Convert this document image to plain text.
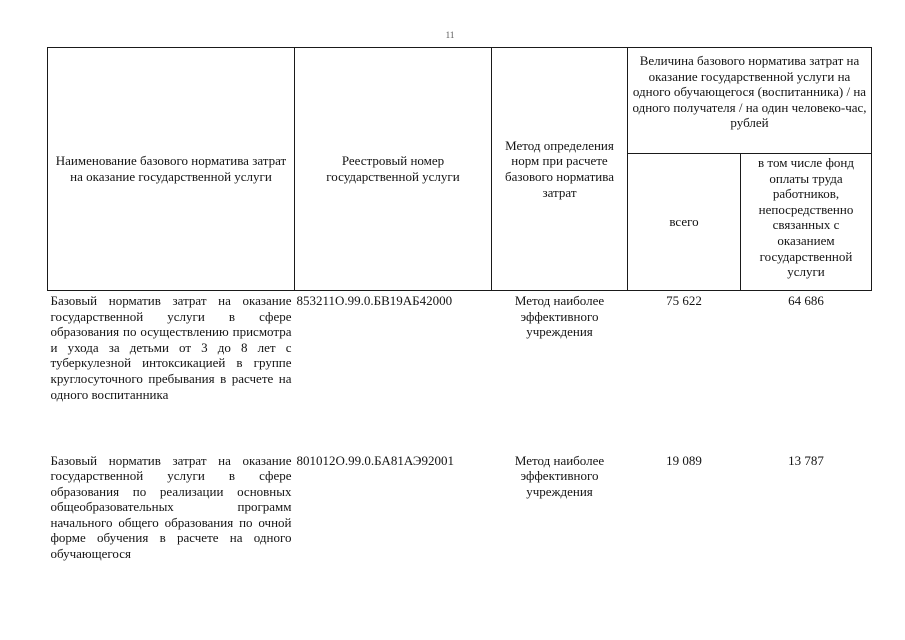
11
Наименование базового норматива затрат на оказание государственной услуги	Реестровый номер государственной услуги	Метод определения норм при расчете базового норматива затрат	Величина базового норматива затрат на оказание государственной услуги на одного обучающегося (воспитанника) / на одного получателя / на один человеко-час, рублей	
			всего	в том числе фонд оплаты труда работников, непосредственно связанных с оказанием государственной услуги
Базовый норматив затрат на оказание государственной услуги в сфере образования по осуществлению присмотра и ухода за детьми от 3 до 8 лет с туберкулезной интоксикацией в группе круглосуточного пребывания в расчете на одного воспитанника	853211О.99.0.БВ19АБ42000	Метод наиболее эффективного учреждения	75 622	64 686
Базовый норматив затрат на оказание государственной услуги в сфере образования по реализации основных общеобразовательных программ начального общего образования по очной форме обучения в расчете на одного обучающегося	801012О.99.0.БА81АЭ92001	Метод наиболее эффективного учреждения	19 089	13 787
